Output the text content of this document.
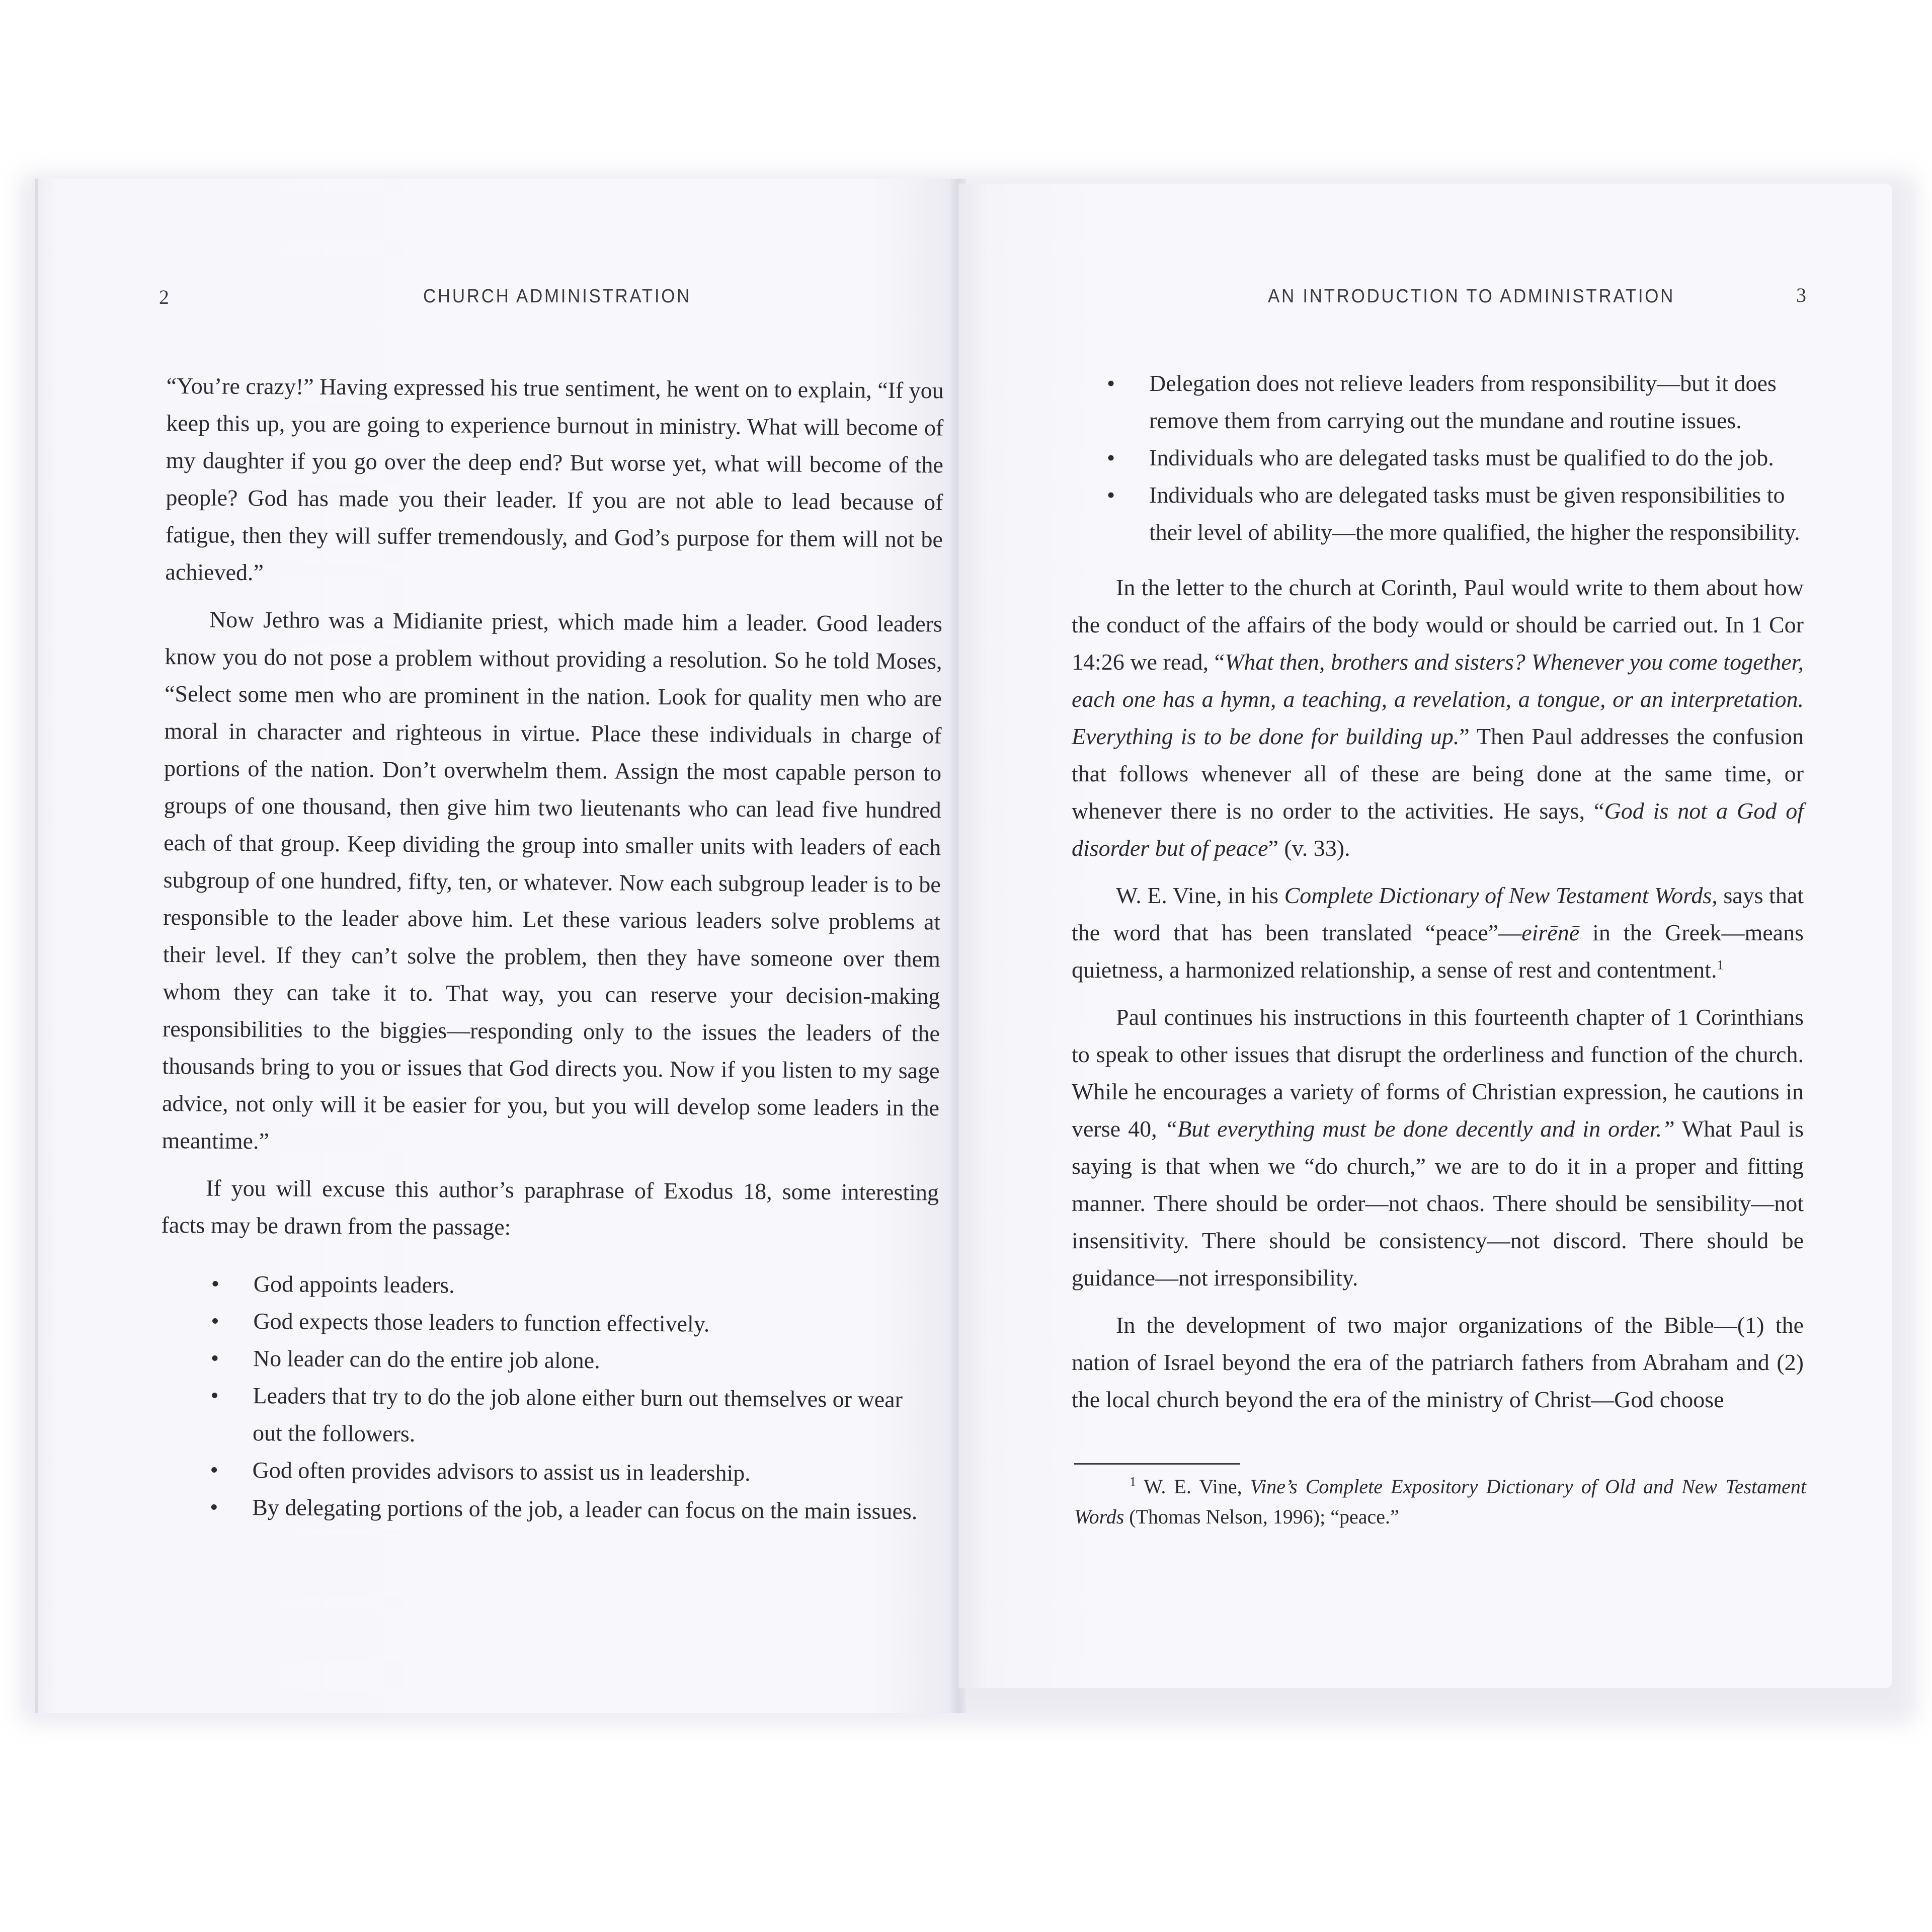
2	CHURCH ADMINISTRATION

“You’re crazy!” Having expressed his true sentiment, he went on to explain, “If you keep this up, you are going to experience burnout in ministry. What will become of my daughter if you go over the deep end? But worse yet, what will become of the people? God has made you their leader. If you are not able to lead because of fatigue, then they will suffer tremendously, and God’s purpose for them will not be achieved.”

Now Jethro was a Midianite priest, which made him a leader. Good leaders know you do not pose a problem without providing a resolution. So he told Moses, “Select some men who are prominent in the nation. Look for quality men who are moral in character and righteous in virtue. Place these individuals in charge of portions of the nation. Don’t overwhelm them. Assign the most capable person to groups of one thousand, then give him two lieutenants who can lead five hundred each of that group. Keep dividing the group into smaller units with leaders of each subgroup of one hundred, fifty, ten, or whatever. Now each subgroup leader is to be responsible to the leader above him. Let these various leaders solve problems at their level. If they can’t solve the problem, then they have someone over them whom they can take it to. That way, you can reserve your decision-making responsibilities to the biggies—responding only to the issues the leaders of the thousands bring to you or issues that God directs you. Now if you listen to my sage advice, not only will it be easier for you, but you will develop some leaders in the meantime.”

If you will excuse this author’s paraphrase of Exodus 18, some interesting facts may be drawn from the passage:

• God appoints leaders.
• God expects those leaders to function effectively.
• No leader can do the entire job alone.
• Leaders that try to do the job alone either burn out themselves or wear out the followers.
• God often provides advisors to assist us in leadership.
• By delegating portions of the job, a leader can focus on the main issues.
AN INTRODUCTION TO ADMINISTRATION	3
• Delegation does not relieve leaders from responsibility—but it does remove them from carrying out the mundane and routine issues.
• Individuals who are delegated tasks must be qualified to do the job.
• Individuals who are delegated tasks must be given responsibilities to their level of ability—the more qualified, the higher the responsibility.

In the letter to the church at Corinth, Paul would write to them about how the conduct of the affairs of the body would or should be carried out. In 1 Cor 14:26 we read, “What then, brothers and sisters? Whenever you come together, each one has a hymn, a teaching, a revelation, a tongue, or an interpretation. Everything is to be done for building up.” Then Paul addresses the confusion that follows whenever all of these are being done at the same time, or whenever there is no order to the activities. He says, “God is not a God of disorder but of peace” (v. 33).

W. E. Vine, in his Complete Dictionary of New Testament Words, says that the word that has been translated “peace”—eirēnē in the Greek—means quietness, a harmonized relationship, a sense of rest and contentment.$^1$

Paul continues his instructions in this fourteenth chapter of 1 Corinthians to speak to other issues that disrupt the orderliness and function of the church. While he encourages a variety of forms of Christian expression, he cautions in verse 40, “But everything must be done decently and in order.” What Paul is saying is that when we “do church,” we are to do it in a proper and fitting manner. There should be order—not chaos. There should be sensibility—not insensitivity. There should be consistency—not discord. There should be guidance—not irresponsibility.

In the development of two major organizations of the Bible—(1) the nation of Israel beyond the era of the patriarch fathers from Abraham and (2) the local church beyond the era of the ministry of Christ—God choose

$^1$ W. E. Vine, Vine’s Complete Expository Dictionary of Old and New Testament Words (Thomas Nelson, 1996); “peace.”
